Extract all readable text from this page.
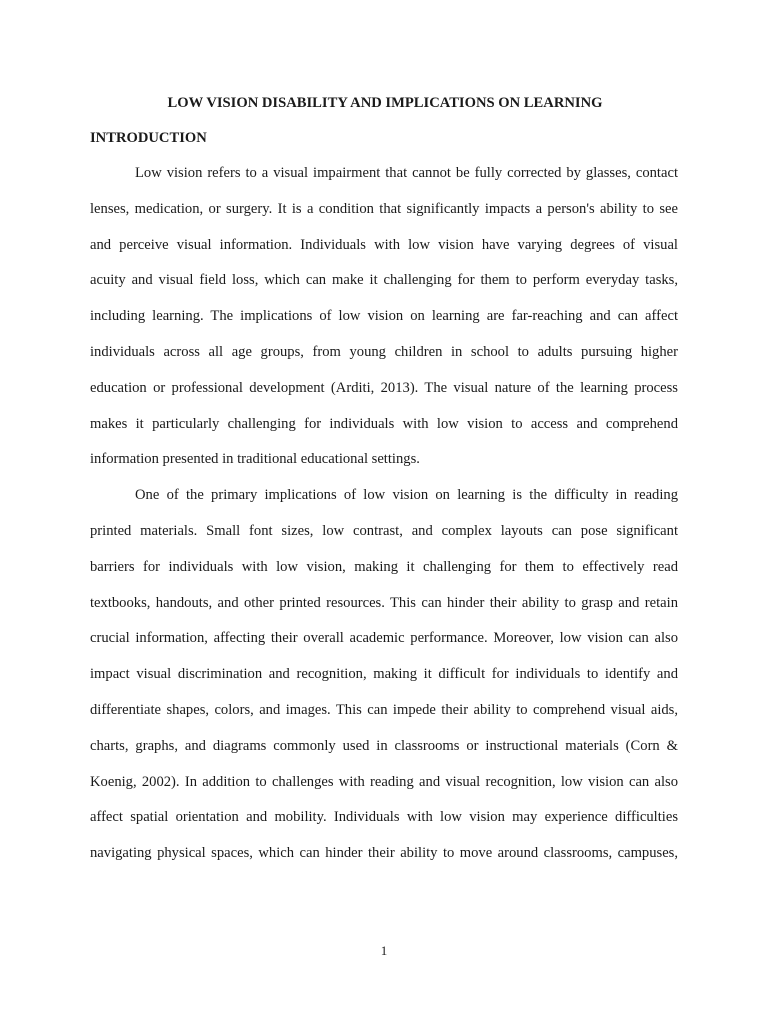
LOW VISION DISABILITY AND IMPLICATIONS ON LEARNING
INTRODUCTION
Low vision refers to a visual impairment that cannot be fully corrected by glasses, contact
lenses, medication, or surgery. It is a condition that significantly impacts a person's ability to see
and perceive visual information. Individuals with low vision have varying degrees of visual
acuity and visual field loss, which can make it challenging for them to perform everyday tasks,
including learning. The implications of low vision on learning are far-reaching and can affect
individuals across all age groups, from young children in school to adults pursuing higher
education or professional development (Arditi, 2013). The visual nature of the learning process
makes it particularly challenging for individuals with low vision to access and comprehend
information presented in traditional educational settings.
One of the primary implications of low vision on learning is the difficulty in reading
printed materials. Small font sizes, low contrast, and complex layouts can pose significant
barriers for individuals with low vision, making it challenging for them to effectively read
textbooks, handouts, and other printed resources. This can hinder their ability to grasp and retain
crucial information, affecting their overall academic performance. Moreover, low vision can also
impact visual discrimination and recognition, making it difficult for individuals to identify and
differentiate shapes, colors, and images. This can impede their ability to comprehend visual aids,
charts, graphs, and diagrams commonly used in classrooms or instructional materials (Corn &
Koenig, 2002). In addition to challenges with reading and visual recognition, low vision can also
affect spatial orientation and mobility. Individuals with low vision may experience difficulties
navigating physical spaces, which can hinder their ability to move around classrooms, campuses,
1
